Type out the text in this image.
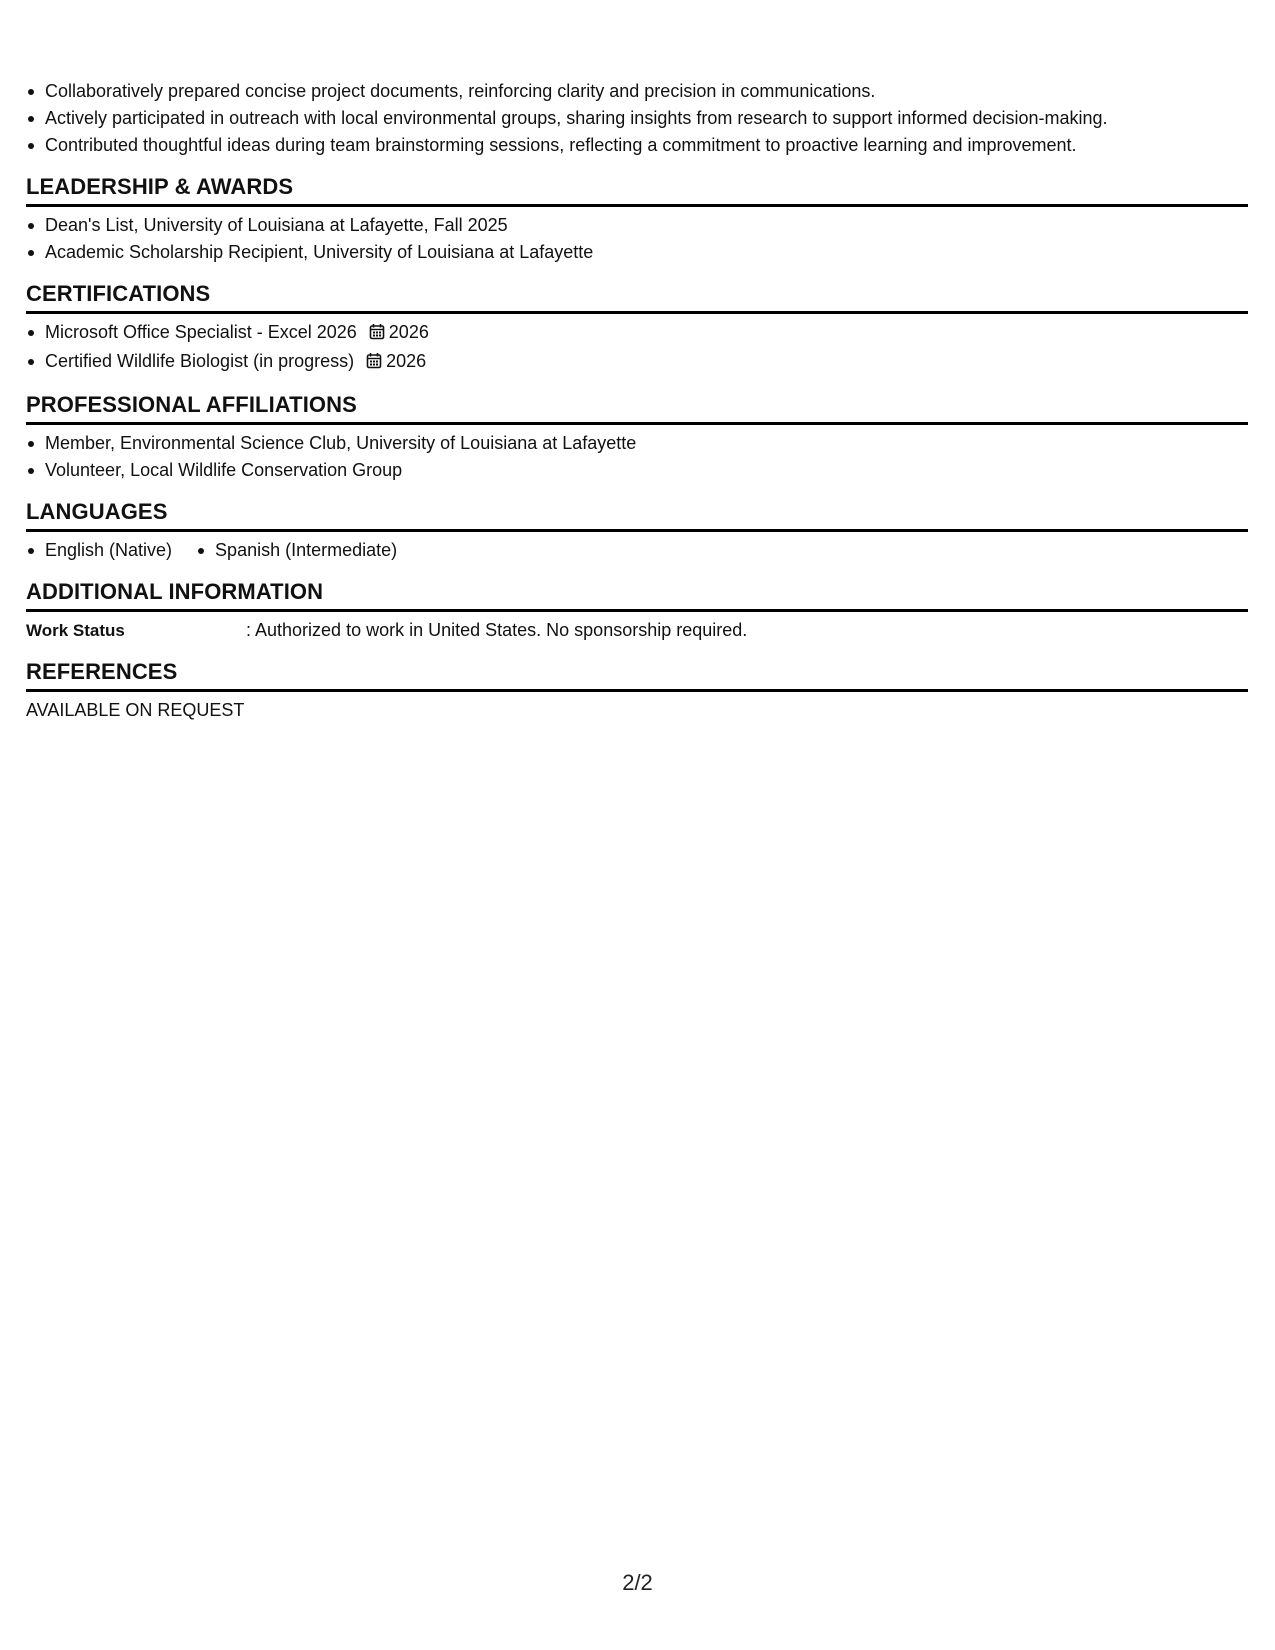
Collaboratively prepared concise project documents, reinforcing clarity and precision in communications.
Actively participated in outreach with local environmental groups, sharing insights from research to support informed decision-making.
Contributed thoughtful ideas during team brainstorming sessions, reflecting a commitment to proactive learning and improvement.
LEADERSHIP & AWARDS
Dean's List, University of Louisiana at Lafayette, Fall 2025
Academic Scholarship Recipient, University of Louisiana at Lafayette
CERTIFICATIONS
Microsoft Office Specialist - Excel 2026 2026
Certified Wildlife Biologist (in progress) 2026
PROFESSIONAL AFFILIATIONS
Member, Environmental Science Club, University of Louisiana at Lafayette
Volunteer, Local Wildlife Conservation Group
LANGUAGES
English (Native)	Spanish (Intermediate)
ADDITIONAL INFORMATION
Work Status	: Authorized to work in United States. No sponsorship required.
REFERENCES
AVAILABLE ON REQUEST
2/2
